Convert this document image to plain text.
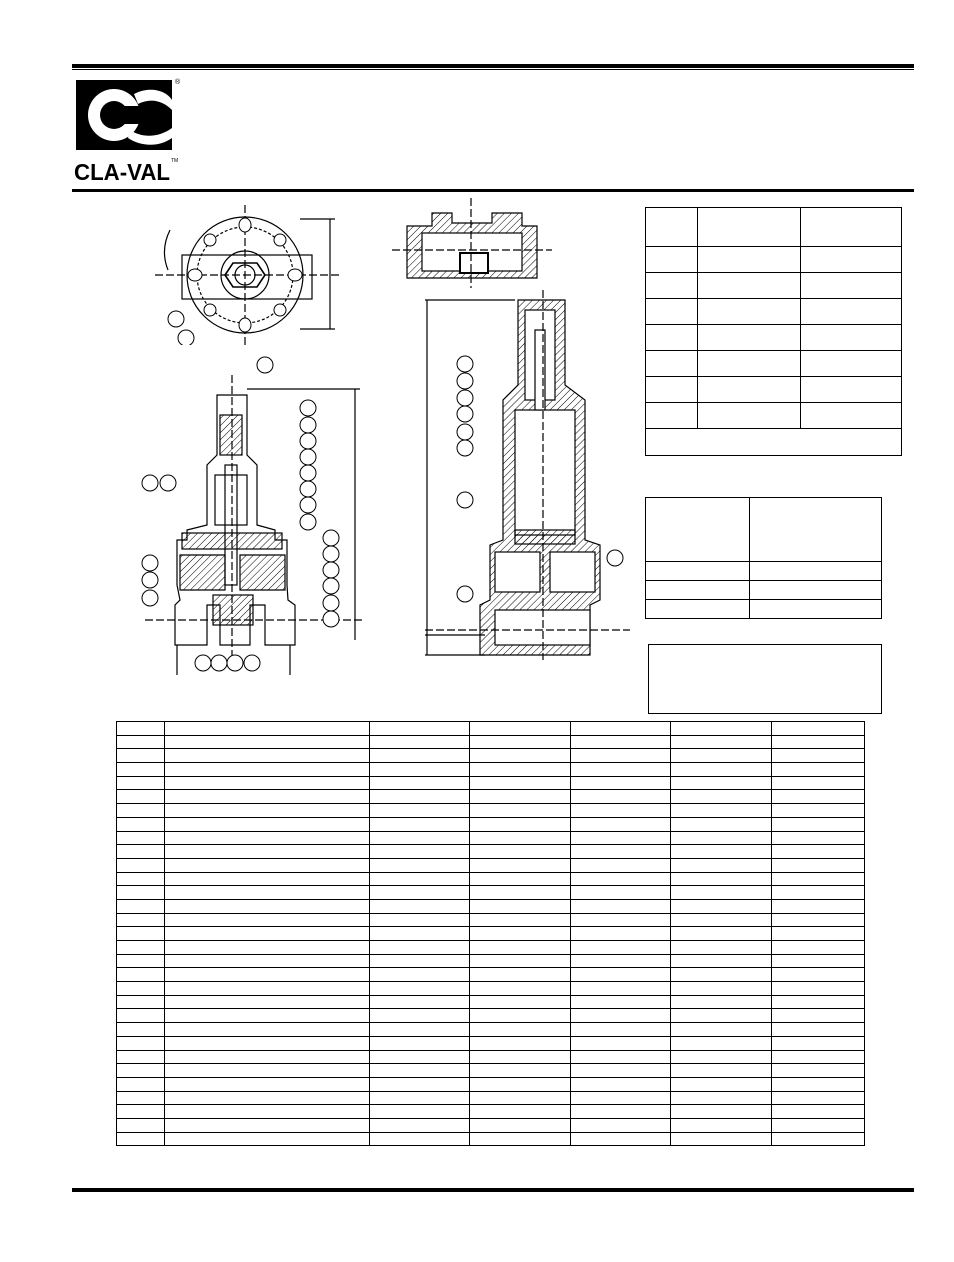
®
CLA-VAL TM
